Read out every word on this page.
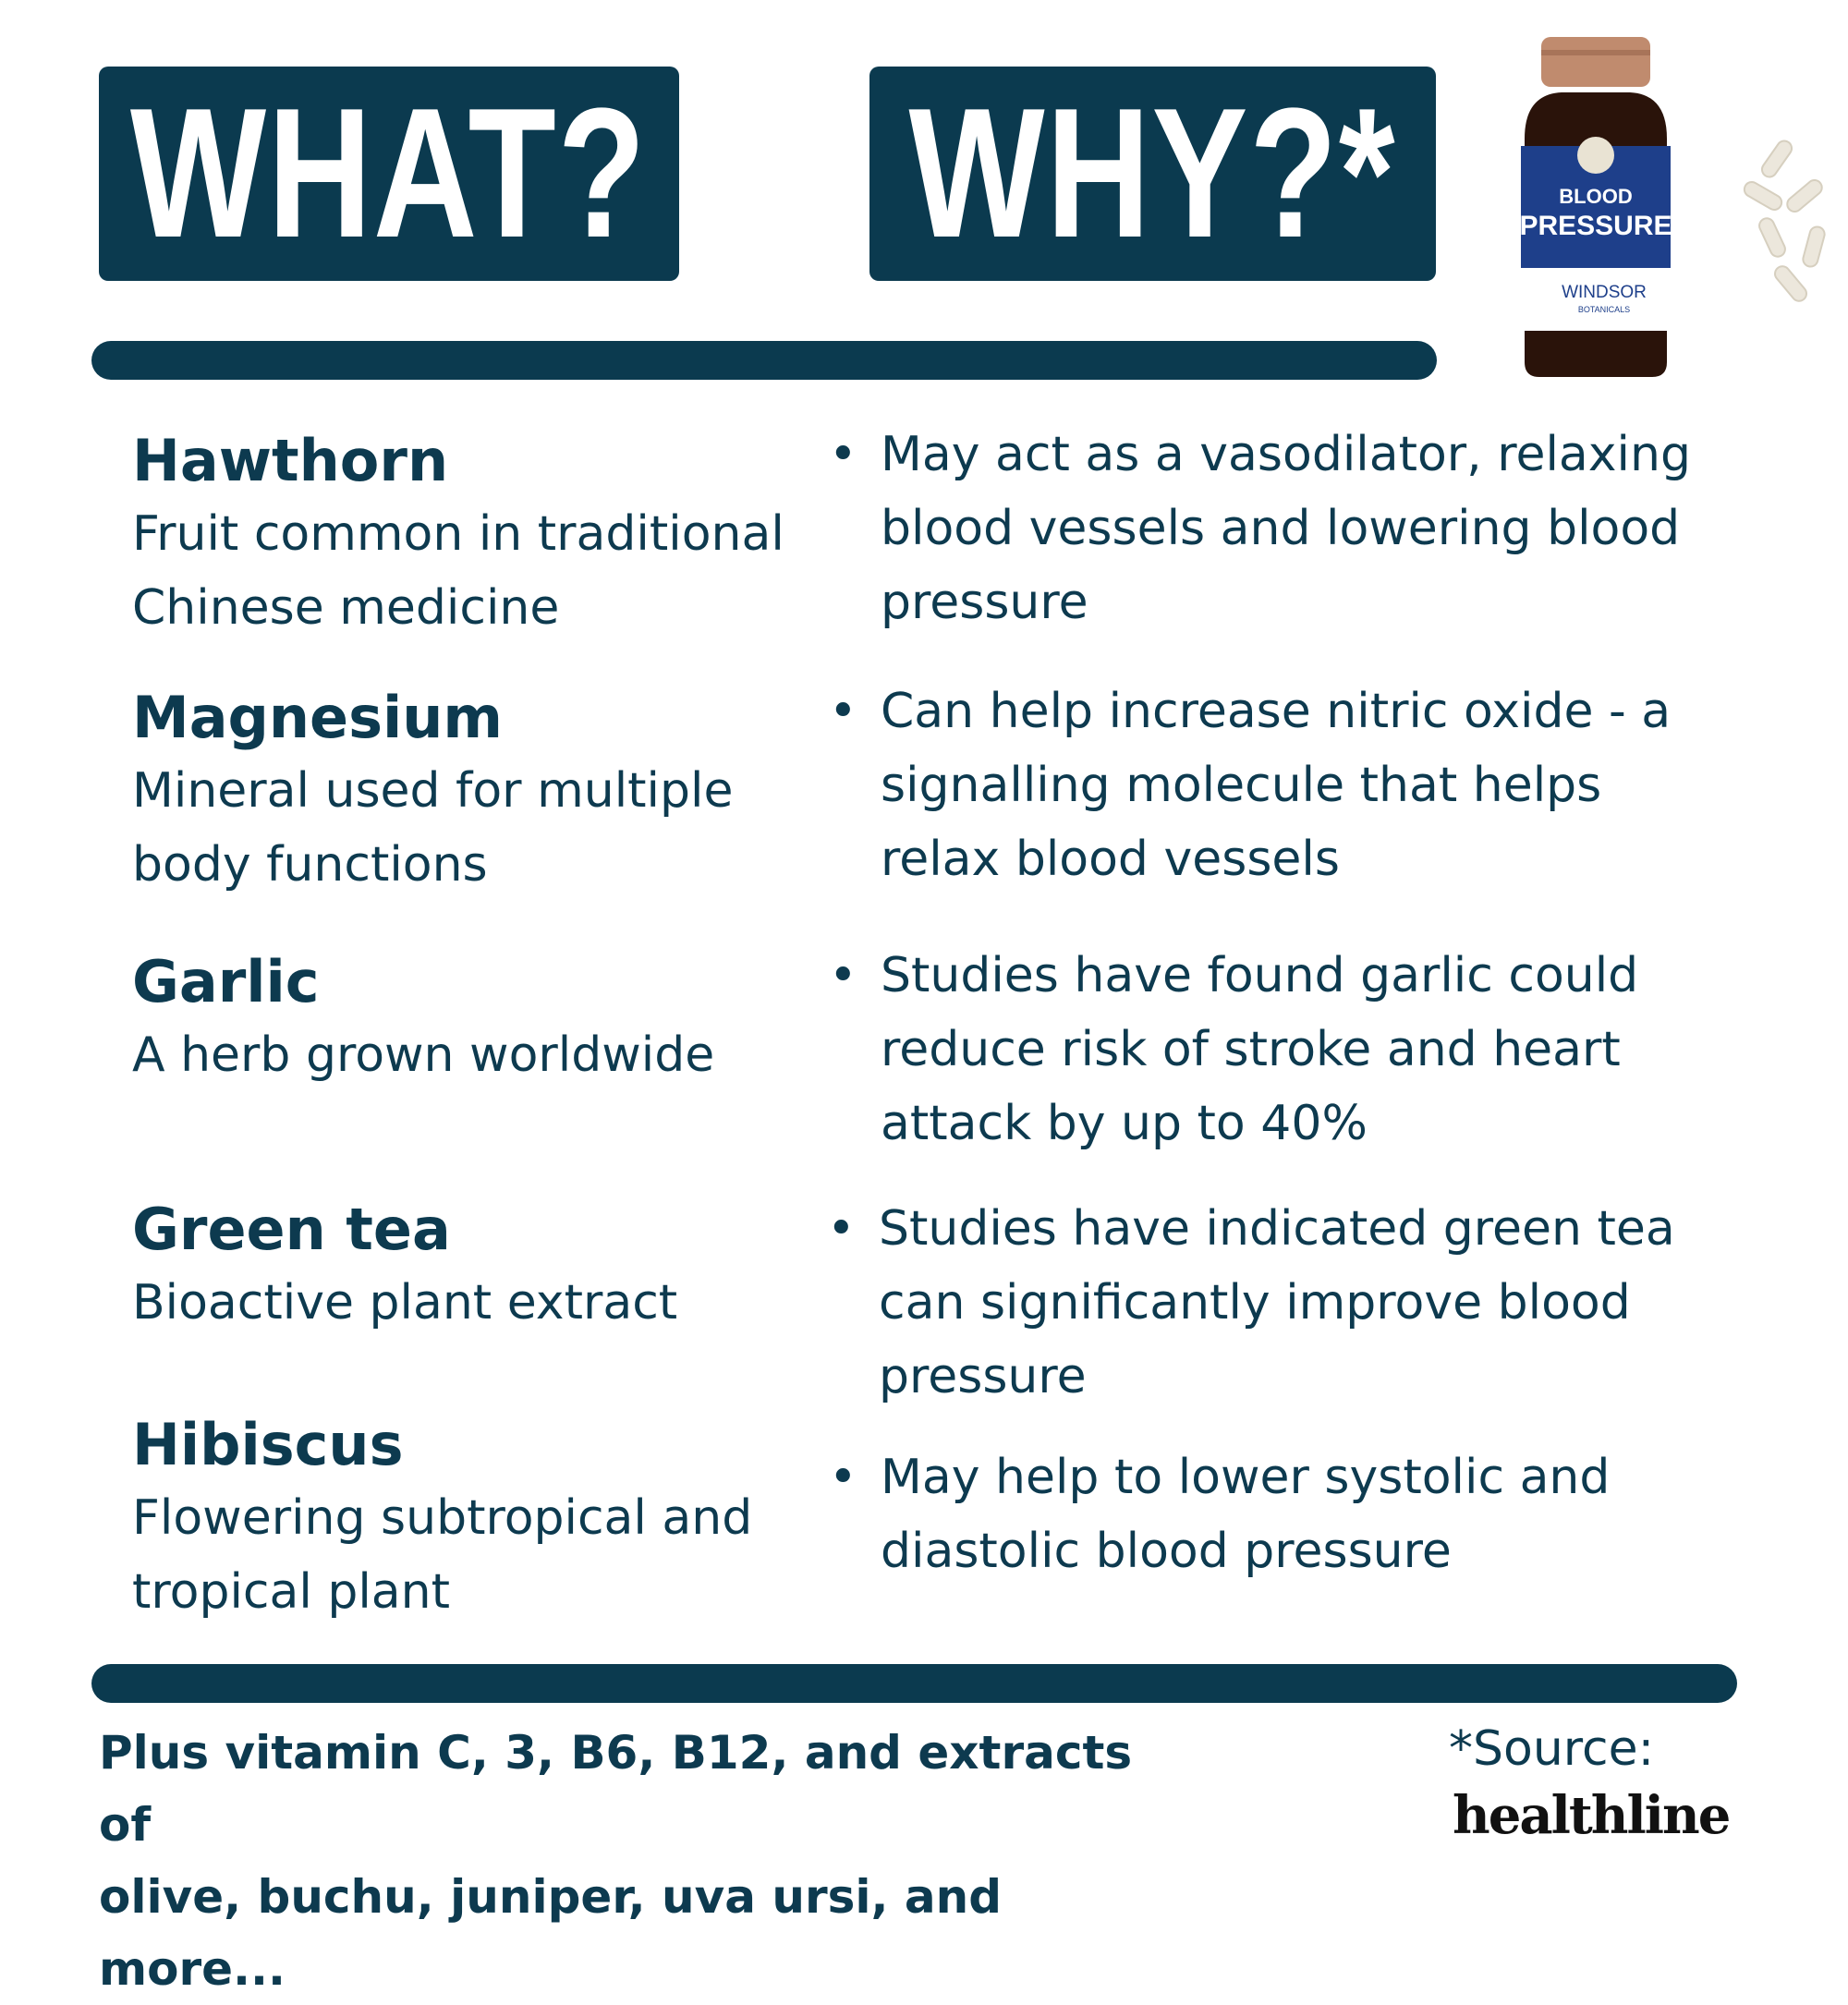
WHAT? WHY?*	BLOOD
PRESSURE
WINDSOR
BOTANICALS
Hawthorn
Fruit common in traditional
Chinese medicine
• May act as a vasodilator, relaxing
blood vessels and lowering blood
pressure
Magnesium
Mineral used for multiple
body functions
• Can help increase nitric oxide - a
signalling molecule that helps
relax blood vessels
Garlic
A herb grown worldwide
• Studies have found garlic could
reduce risk of stroke and heart
attack by up to 40%
Green tea
Bioactive plant extract
• Studies have indicated green tea
can significantly improve blood
pressure
Hibiscus
Flowering subtropical and
tropical plant
• May help to lower systolic and
diastolic blood pressure
Plus vitamin C, 3, B6, B12, and extracts of
olive, buchu, juniper, uva ursi, and more...
*Source:
healthline
